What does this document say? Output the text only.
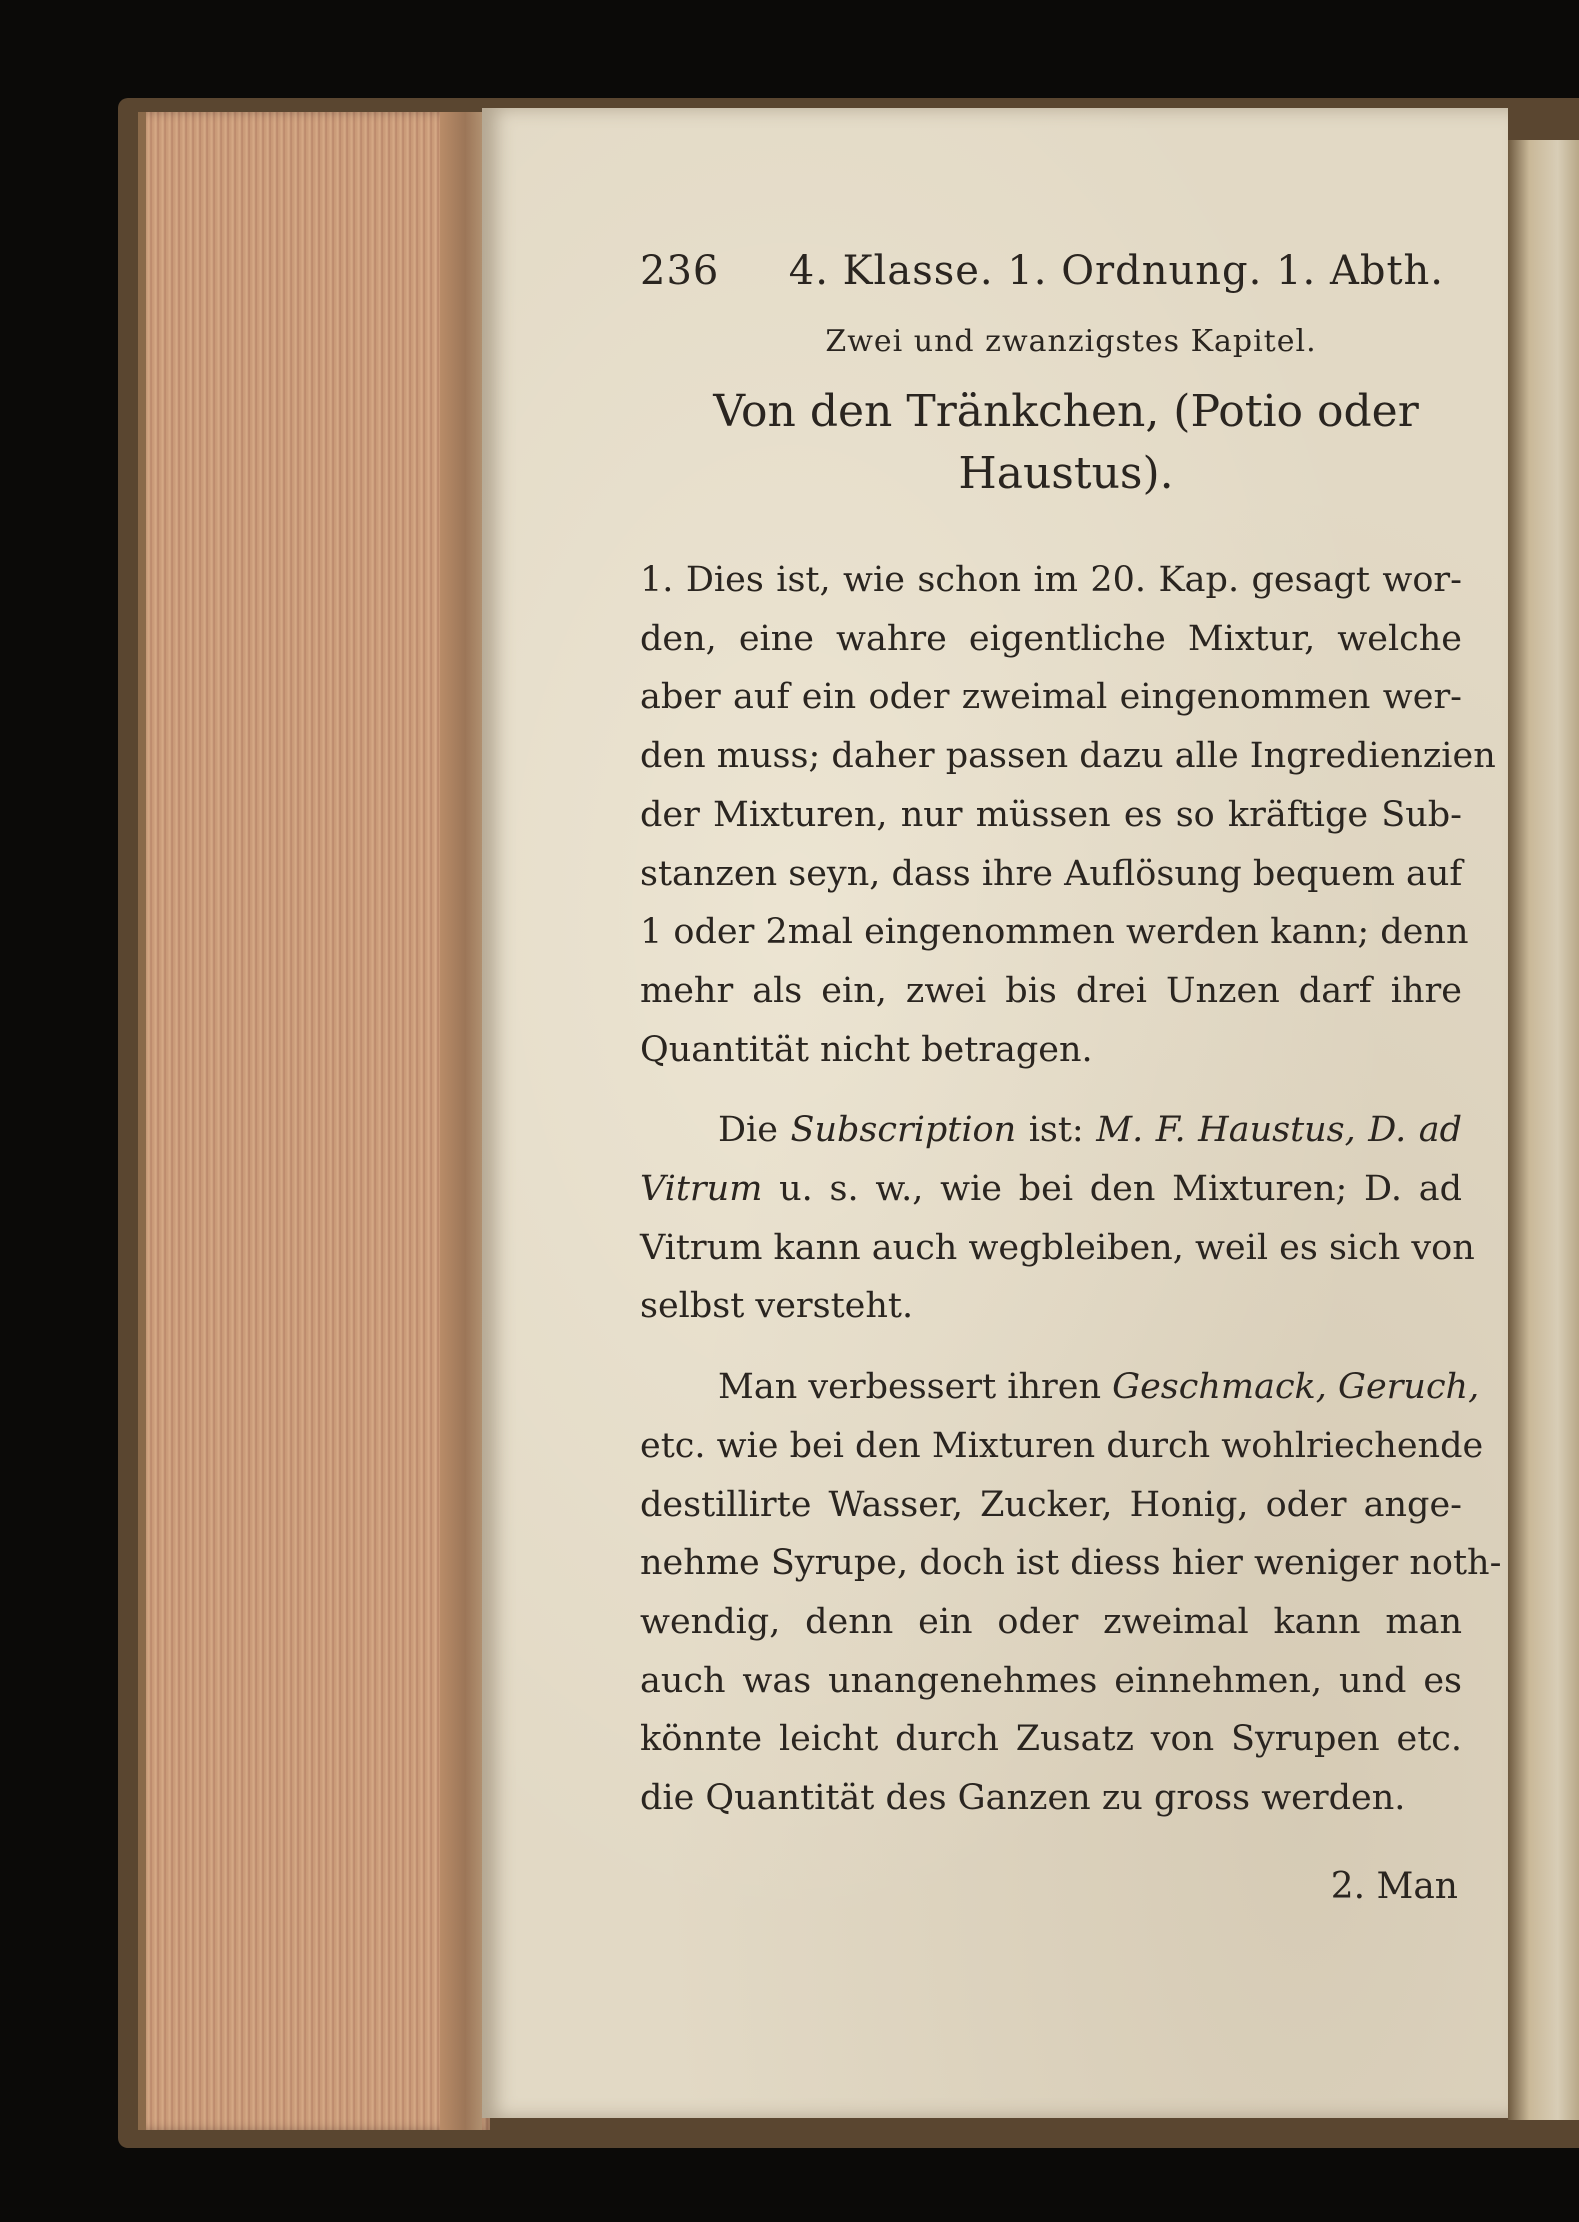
236 4. Klasse. 1. Ordnung. 1. Abth.
Zwei und zwanzigstes Kapitel.
Von den Tränkchen, (Potio oder
Haustus).
1. Dies ist, wie schon im 20. Kap. gesagt wor-
den, eine wahre eigentliche Mixtur, welche
aber auf ein oder zweimal eingenommen wer-
den muss; daher passen dazu alle Ingredienzien
der Mixturen, nur müssen es so kräftige Sub-
stanzen seyn, dass ihre Auflösung bequem auf
1 oder 2mal eingenommen werden kann; denn
mehr als ein, zwei bis drei Unzen darf ihre
Quantität nicht betragen.
Die Subscription ist: M. F. Haustus, D. ad
Vitrum u. s. w., wie bei den Mixturen; D. ad
Vitrum kann auch wegbleiben, weil es sich von
selbst versteht.
Man verbessert ihren Geschmack, Geruch,
etc. wie bei den Mixturen durch wohlriechende
destillirte Wasser, Zucker, Honig, oder ange-
nehme Syrupe, doch ist diess hier weniger noth-
wendig, denn ein oder zweimal kann man
auch was unangenehmes einnehmen, und es
könnte leicht durch Zusatz von Syrupen etc.
die Quantität des Ganzen zu gross werden.
2. Man
